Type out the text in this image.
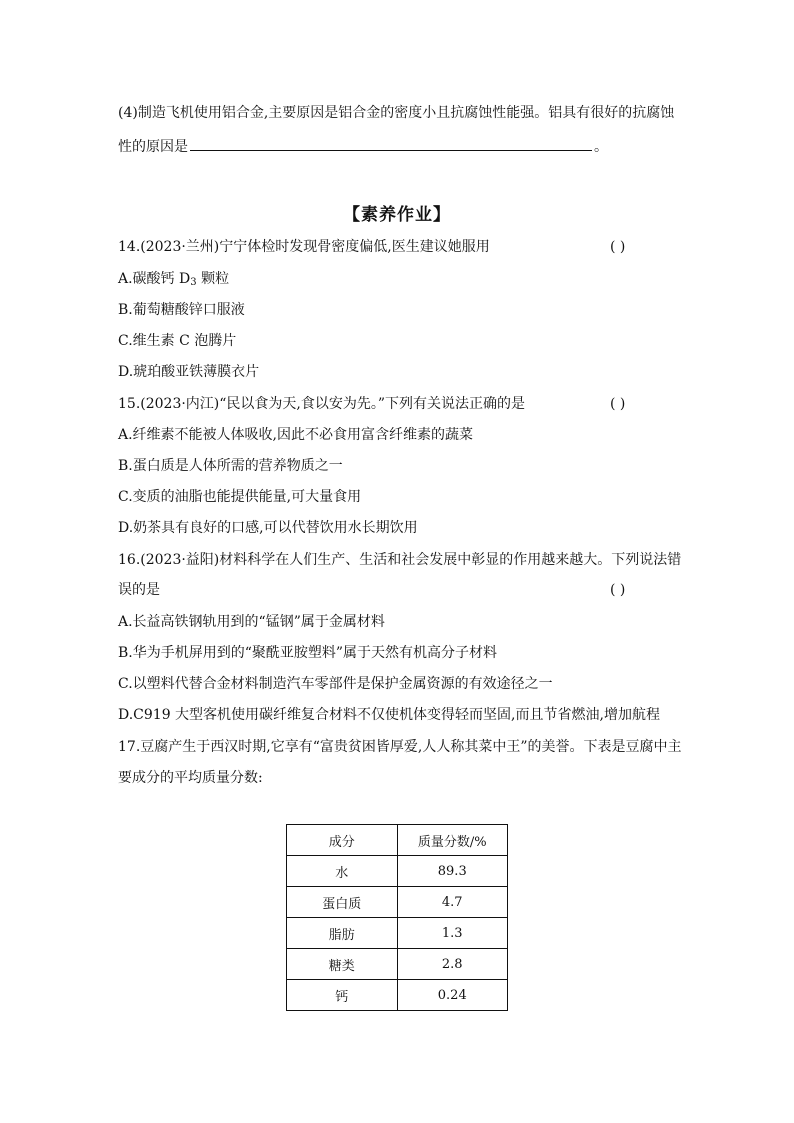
(4)制造飞机使用铝合金,主要原因是铝合金的密度小且抗腐蚀性能强。铝具有很好的抗腐蚀
性的原因是	。
【素养作业】
14.(2023·兰州)宁宁体检时发现骨密度偏低,医生建议她服用	( )
A.碳酸钙 $D_3$ 颗粒
B.葡萄糖酸锌口服液
C.维生素 C 泡腾片
D.琥珀酸亚铁薄膜衣片
15.(2023·内江)“民以食为天,食以安为先。”下列有关说法正确的是	( )
A.纤维素不能被人体吸收,因此不必食用富含纤维素的蔬菜
B.蛋白质是人体所需的营养物质之一
C.变质的油脂也能提供能量,可大量食用
D.奶茶具有良好的口感,可以代替饮用水长期饮用
16.(2023·益阳)材料科学在人们生产、生活和社会发展中彰显的作用越来越大。下列说法错
误的是	( )
A.长益高铁钢轨用到的“锰钢”属于金属材料
B.华为手机屏用到的“聚酰亚胺塑料”属于天然有机高分子材料
C.以塑料代替合金材料制造汽车零部件是保护金属资源的有效途径之一
D.C919 大型客机使用碳纤维复合材料不仅使机体变得轻而坚固,而且节省燃油,增加航程
17.豆腐产生于西汉时期,它享有“富贵贫困皆厚爱,人人称其菜中王”的美誉。下表是豆腐中主
要成分的平均质量分数:
成分	质量分数/%
水	89.3
蛋白质	4.7
脂肪	1.3
糖类	2.8
钙	0.24
